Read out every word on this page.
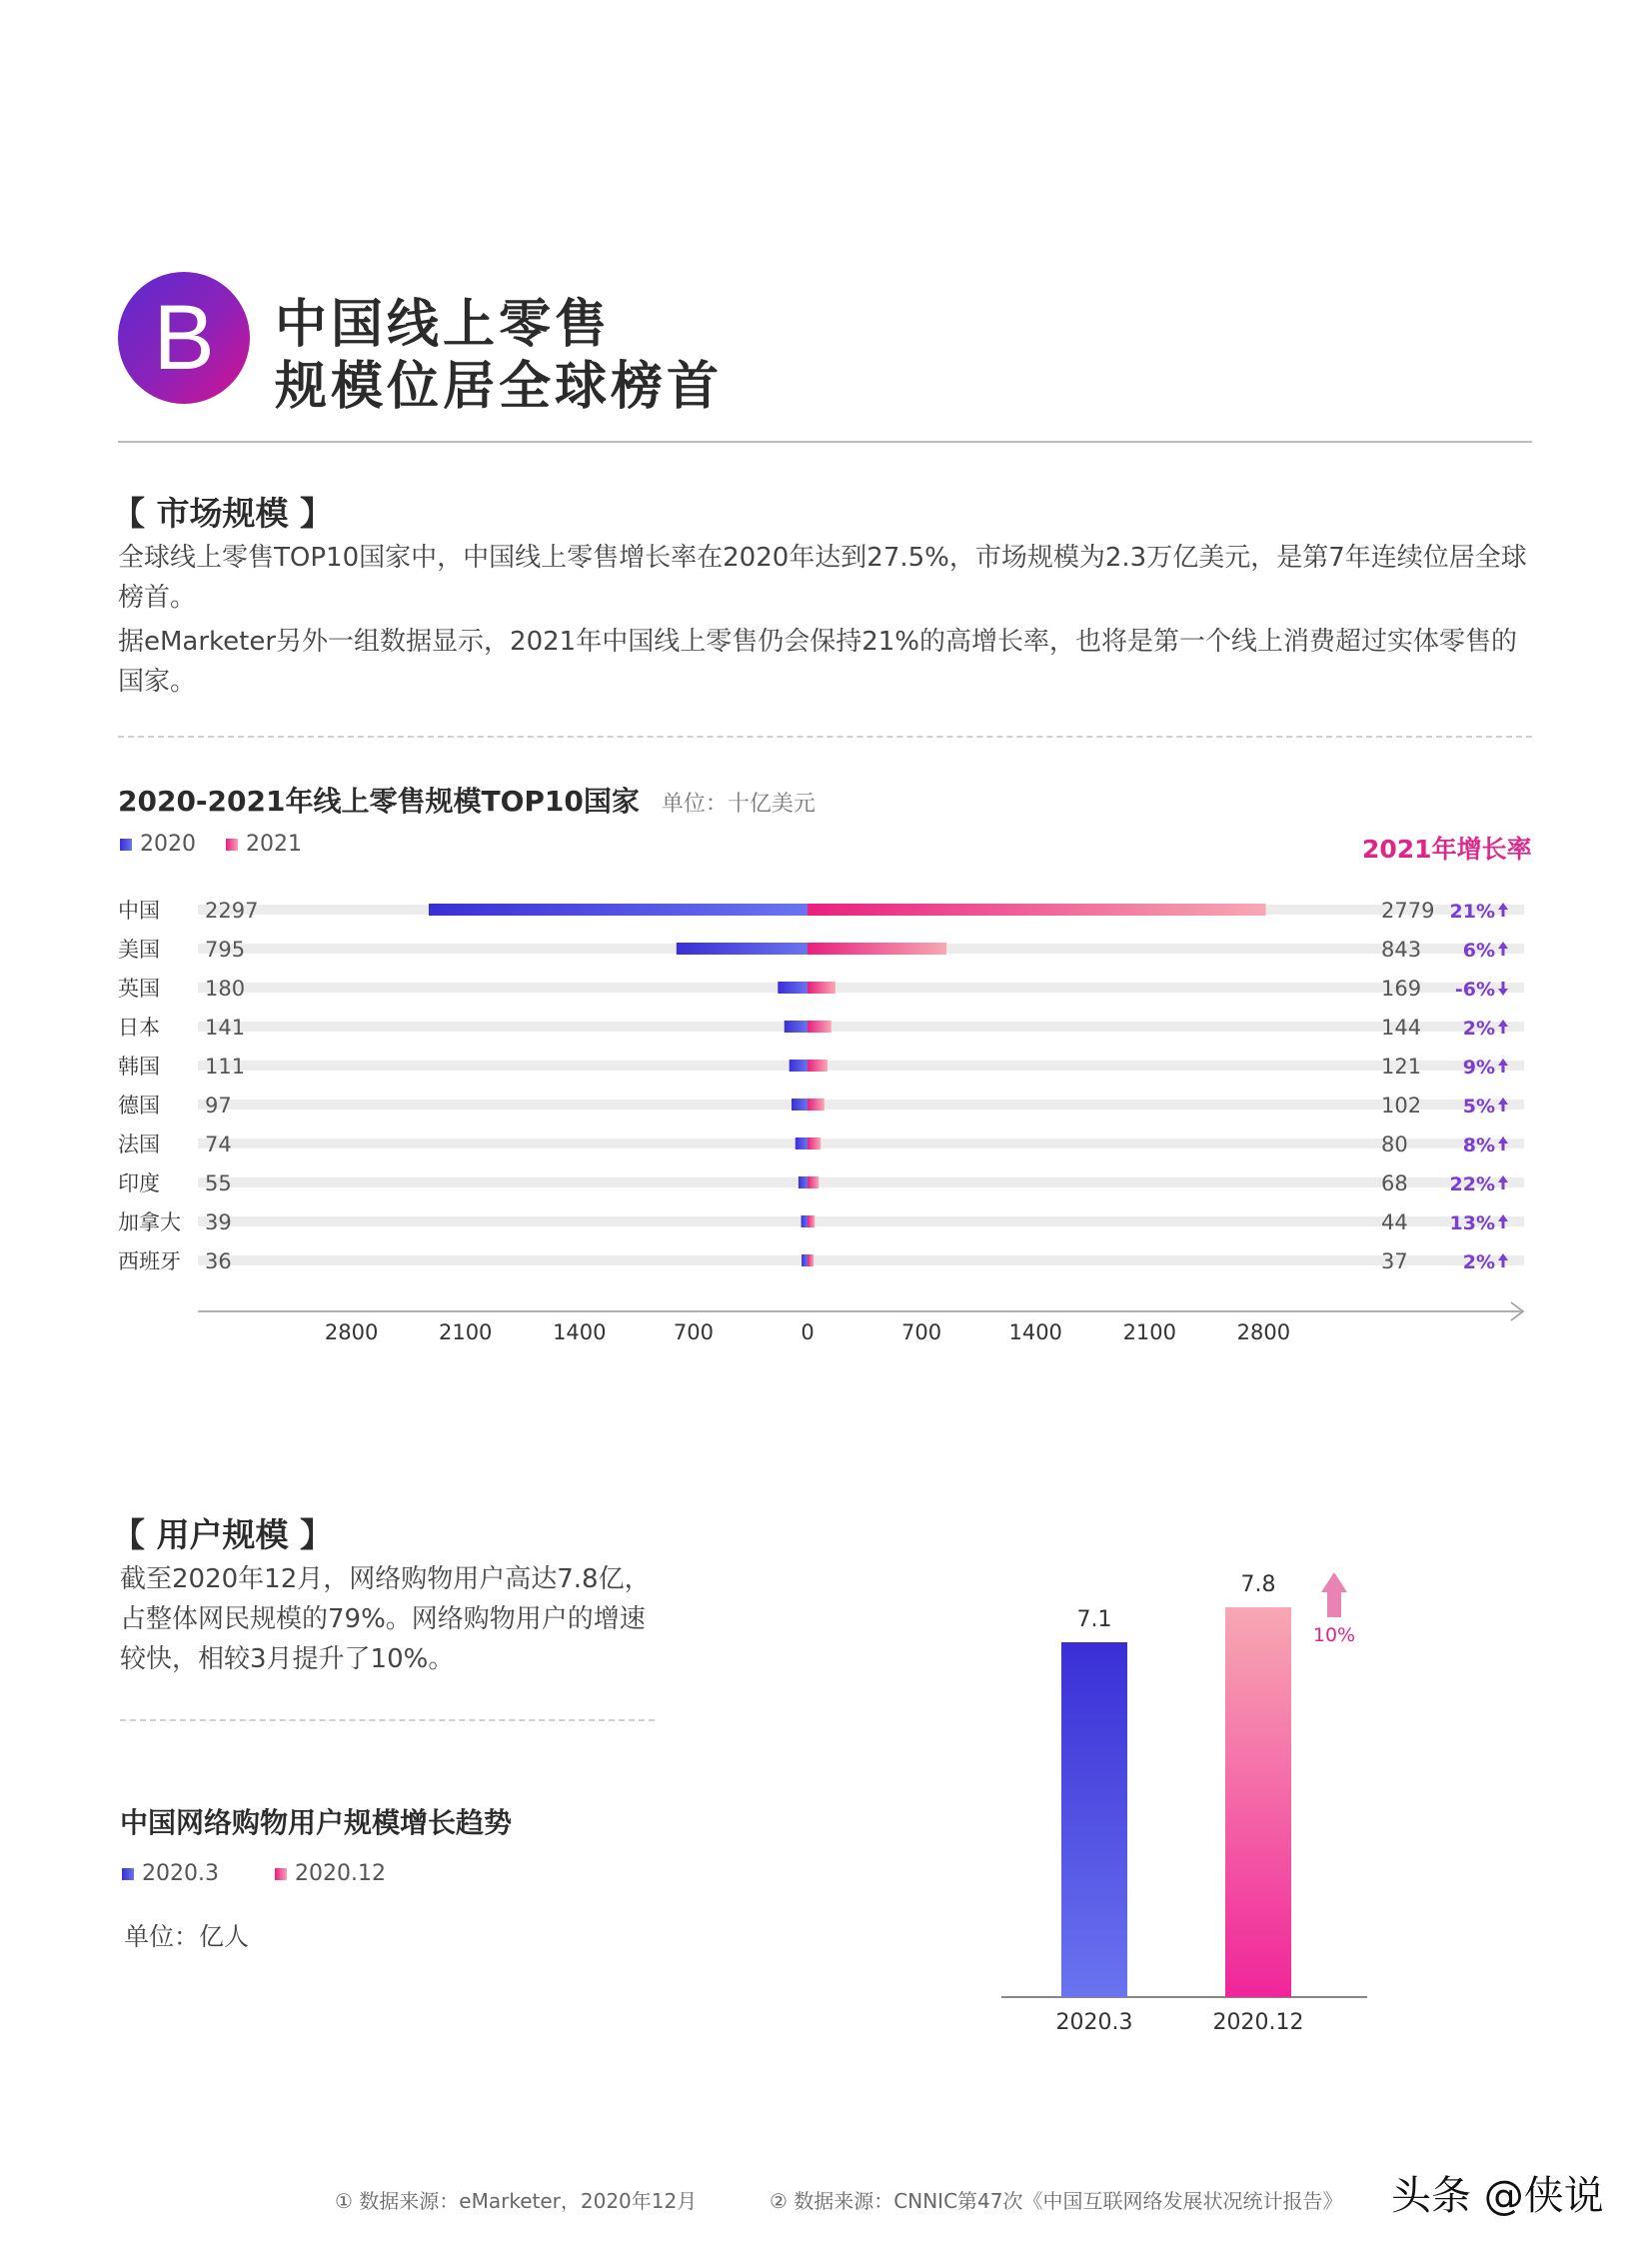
B 中国线上零售
规模位居全球榜首
【 市场规模 】
全球线上零售TOP10国家中，中国线上零售增长率在2020年达到27.5%，市场规模为2.3万亿美元，是第7年连续位居全球榜首。
据eMarketer另外一组数据显示，2021年中国线上零售仍会保持21%的高增长率，也将是第一个线上消费超过实体零售的国家。
2020-2021年线上零售规模TOP10国家 单位：十亿美元
2020 2021	2021年增长率
中国 2297	2779 21%
美国 795	843 6%
英国 180	169 -6%
日本 141	144 2%
韩国 111	121 9%
德国 97	102 5%
法国 74	80	8%
印度 55	68 22%
加拿大 39	44 13%
西班牙 36	37	2%
2800	2100	1400	700	0	700	1400	2100	2800
【 用户规模 】
截至2020年12月，网络购物用户高达7.8亿，占整体网民规模的79%。网络购物用户的增速较快，相较3月提升了10%。
中国网络购物用户规模增长趋势
2020.3	2020.12
单位：亿人
7.1
2020.3
7.8
2020.12
10%
① 数据来源：eMarketer，2020年12月	② 数据来源：CNNIC第47次《中国互联网络发展状况统计报告》 头条 @侠说
